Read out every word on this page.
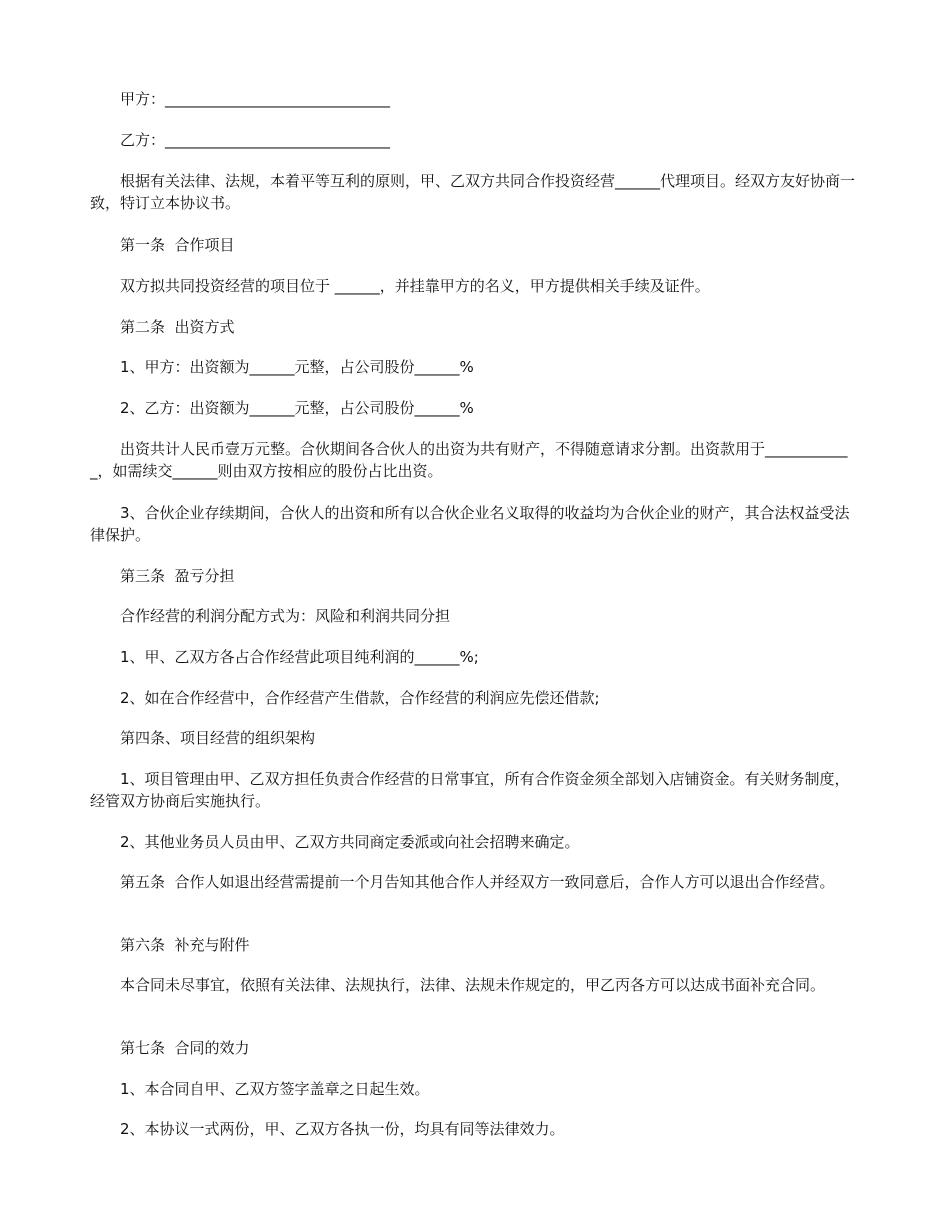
甲方：______________________________

乙方：______________________________

根据有关法律、法规，本着平等互利的原则，甲、乙双方共同合作投资经营______代理项目。经双方友好协商一致，特订立本协议书。

第一条  合作项目

双方拟共同投资经营的项目位于 ______，并挂靠甲方的名义，甲方提供相关手续及证件。

第二条  出资方式

1、甲方：出资额为______元整，占公司股份______%

2、乙方：出资额为______元整，占公司股份______%

出资共计人民币壹万元整。合伙期间各合伙人的出资为共有财产，不得随意请求分割。出资款用于____________，如需续交______则由双方按相应的股份占比出资。

3、合伙企业存续期间，合伙人的出资和所有以合伙企业名义取得的收益均为合伙企业的财产，其合法权益受法律保护。

第三条  盈亏分担

合作经营的利润分配方式为：风险和利润共同分担

1、甲、乙双方各占合作经营此项目纯利润的______%;

2、如在合作经营中，合作经营产生借款，合作经营的利润应先偿还借款;

第四条、项目经营的组织架构

1、项目管理由甲、乙双方担任负责合作经营的日常事宜，所有合作资金须全部划入店铺资金。有关财务制度，经管双方协商后实施执行。

2、其他业务员人员由甲、乙双方共同商定委派或向社会招聘来确定。

第五条  合作人如退出经营需提前一个月告知其他合作人并经双方一致同意后，合作人方可以退出合作经营。

第六条  补充与附件

本合同未尽事宜，依照有关法律、法规执行，法律、法规未作规定的，甲乙丙各方可以达成书面补充合同。

第七条  合同的效力

1、本合同自甲、乙双方签字盖章之日起生效。

2、本协议一式两份，甲、乙双方各执一份，均具有同等法律效力。
